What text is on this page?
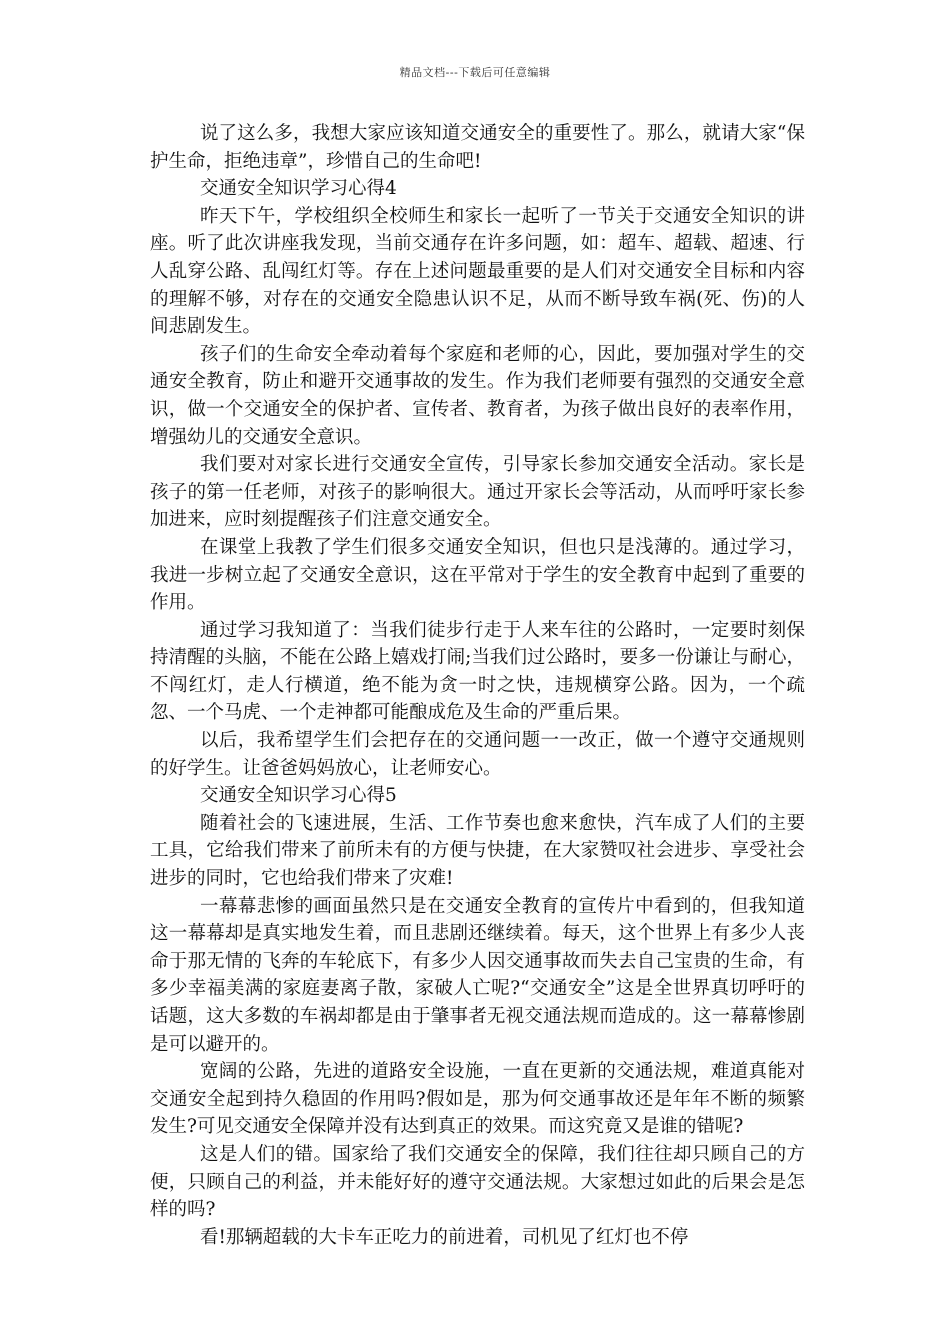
精品文档---下载后可任意编辑

说了这么多，我想大家应该知道交通安全的重要性了。那么，就请大家“保护生命，拒绝违章”，珍惜自己的生命吧!

交通安全知识学习心得4

昨天下午，学校组织全校师生和家长一起听了一节关于交通安全知识的讲座。听了此次讲座我发现，当前交通存在许多问题，如：超车、超载、超速、行人乱穿公路、乱闯红灯等。存在上述问题最重要的是人们对交通安全目标和内容的理解不够，对存在的交通安全隐患认识不足，从而不断导致车祸(死、伤)的人间悲剧发生。

孩子们的生命安全牵动着每个家庭和老师的心，因此，要加强对学生的交通安全教育，防止和避开交通事故的发生。作为我们老师要有强烈的交通安全意识，做一个交通安全的保护者、宣传者、教育者，为孩子做出良好的表率作用，增强幼儿的交通安全意识。

我们要对对家长进行交通安全宣传，引导家长参加交通安全活动。家长是孩子的第一任老师，对孩子的影响很大。通过开家长会等活动，从而呼吁家长参加进来，应时刻提醒孩子们注意交通安全。

在课堂上我教了学生们很多交通安全知识，但也只是浅薄的。通过学习，我进一步树立起了交通安全意识，这在平常对于学生的安全教育中起到了重要的作用。

通过学习我知道了：当我们徒步行走于人来车往的公路时，一定要时刻保持清醒的头脑，不能在公路上嬉戏打闹;当我们过公路时，要多一份谦让与耐心，不闯红灯，走人行横道，绝不能为贪一时之快，违规横穿公路。因为，一个疏忽、一个马虎、一个走神都可能酿成危及生命的严重后果。

以后，我希望学生们会把存在的交通问题一一改正，做一个遵守交通规则的好学生。让爸爸妈妈放心，让老师安心。

交通安全知识学习心得5

随着社会的飞速进展，生活、工作节奏也愈来愈快，汽车成了人们的主要工具，它给我们带来了前所未有的方便与快捷，在大家赞叹社会进步、享受社会进步的同时，它也给我们带来了灾难!

一幕幕悲惨的画面虽然只是在交通安全教育的宣传片中看到的，但我知道这一幕幕却是真实地发生着，而且悲剧还继续着。每天，这个世界上有多少人丧命于那无情的飞奔的车轮底下，有多少人因交通事故而失去自己宝贵的生命，有多少幸福美满的家庭妻离子散，家破人亡呢?“交通安全”这是全世界真切呼吁的话题，这大多数的车祸却都是由于肇事者无视交通法规而造成的。这一幕幕惨剧是可以避开的。

宽阔的公路，先进的道路安全设施，一直在更新的交通法规，难道真能对交通安全起到持久稳固的作用吗?假如是，那为何交通事故还是年年不断的频繁发生?可见交通安全保障并没有达到真正的效果。而这究竟又是谁的错呢?

这是人们的错。国家给了我们交通安全的保障，我们往往却只顾自己的方便，只顾自己的利益，并未能好好的遵守交通法规。大家想过如此的后果会是怎样的吗?

看!那辆超载的大卡车正吃力的前进着，司机见了红灯也不停
